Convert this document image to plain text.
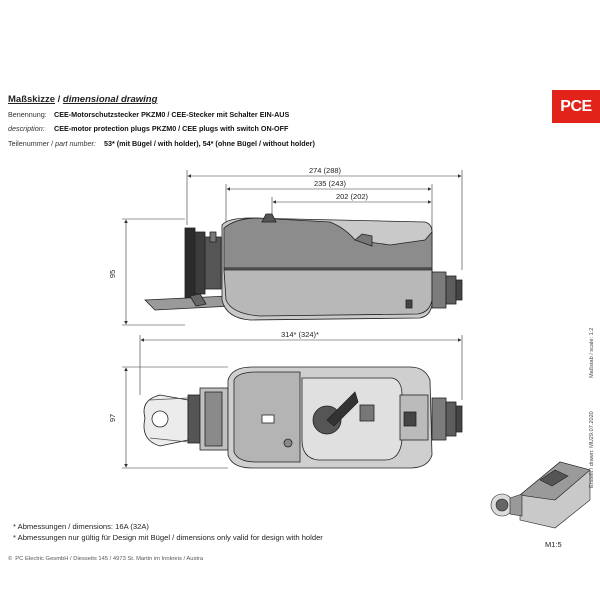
Maßskizze / dimensional drawing	PCE
Benennung: CEE-Motorschutzstecker PKZM0 / CEE-Stecker mit Schalter EIN-AUS
description: CEE-motor protection plugs PKZM0 / CEE plugs with switch ON-OFF
Teilenummer / part number: 53* (mit Bügel / with holder), 54* (ohne Bügel / without holder)
274 (288)
235 (243)
202 (202)
95
314* (324)*
97
Maßstab / scale: 1:2
Erstellt / drawn: MU29.07.2020
M1:5
* Abmessungen / dimensions: 16A (32A)
* Abmessungen nur gültig für Design mit Bügel / dimensions only valid for design with holder
© PC Electric GesmbH / Diesseits 145 / 4973 St. Martin im Innkreis / Austra
